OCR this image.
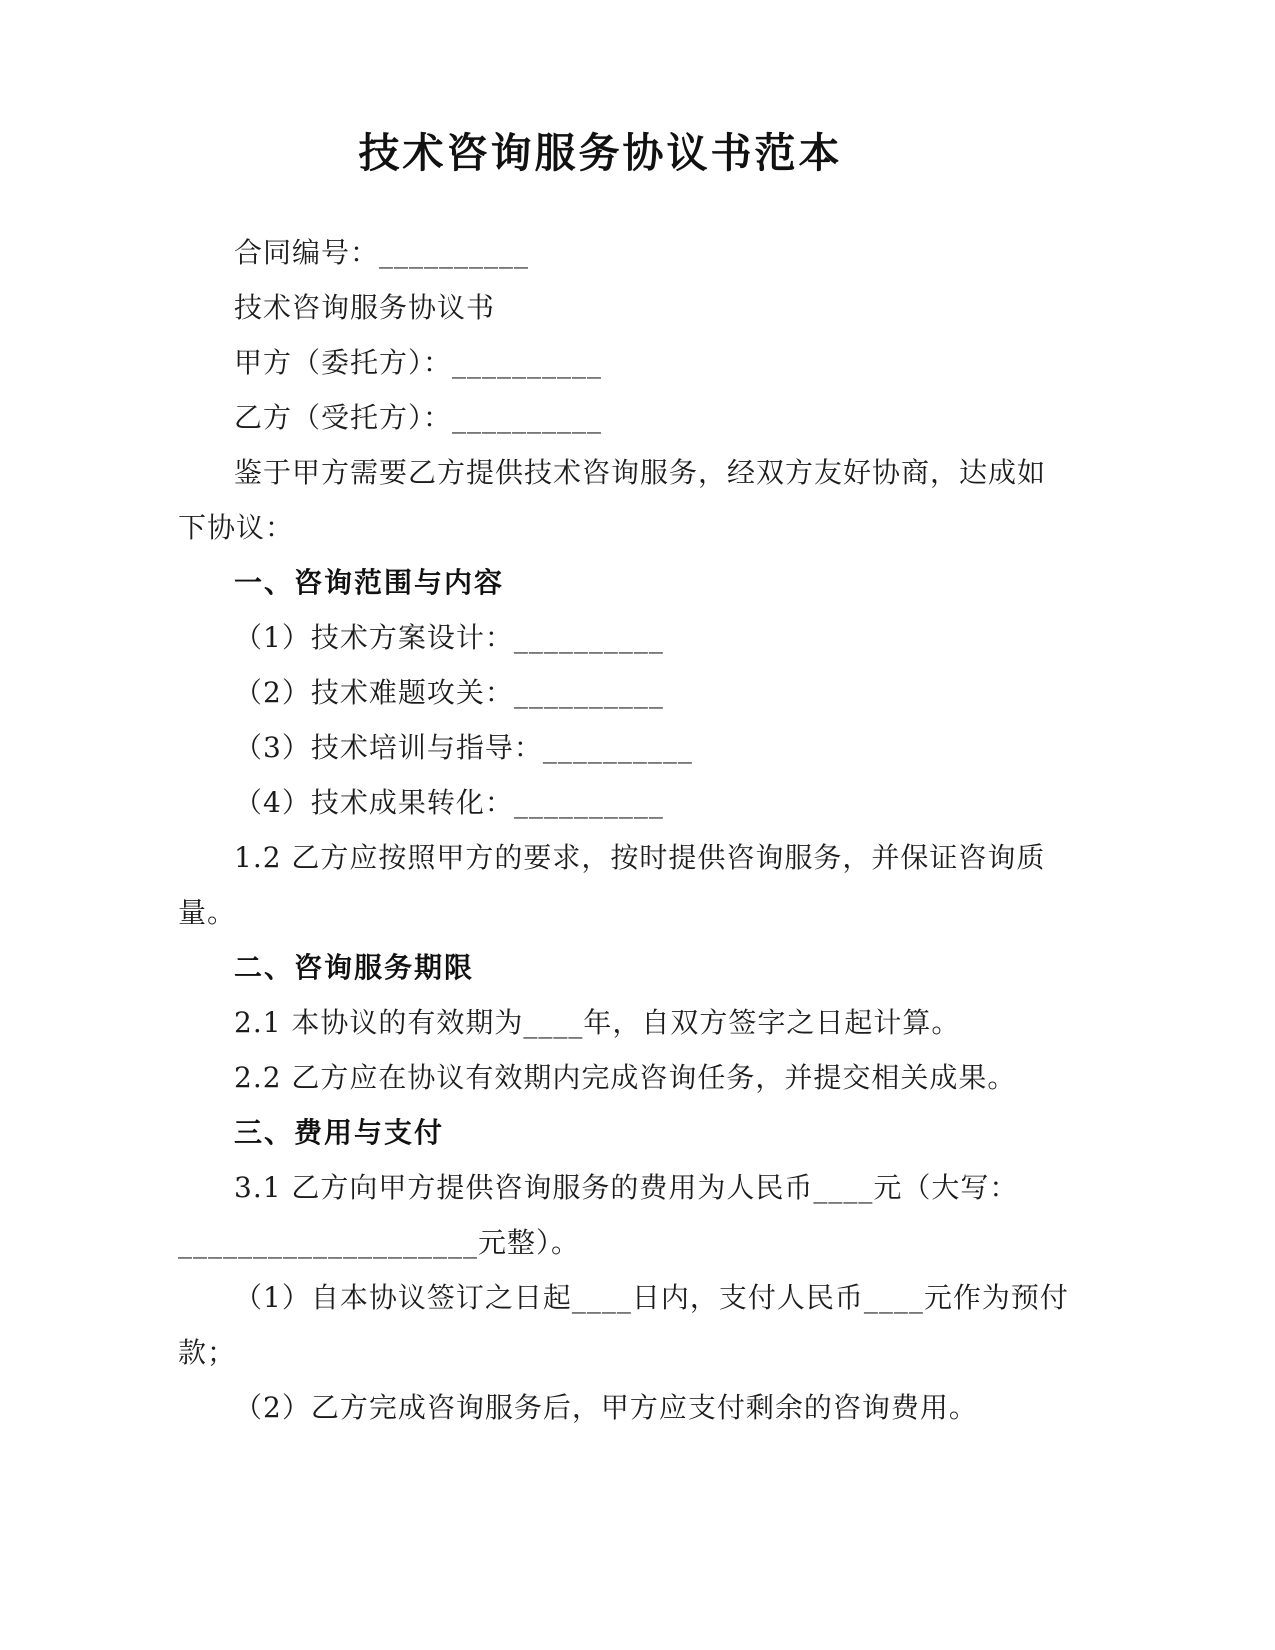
技术咨询服务协议书范本
合同编号：__________
技术咨询服务协议书
甲方（委托方）：__________
乙方（受托方）：__________
鉴于甲方需要乙方提供技术咨询服务，经双方友好协商，达成如
下协议：
一、咨询范围与内容
（1）技术方案设计：__________
（2）技术难题攻关：__________
（3）技术培训与指导：__________
（4）技术成果转化：__________
1.2 乙方应按照甲方的要求，按时提供咨询服务，并保证咨询质
量。
二、咨询服务期限
2.1 本协议的有效期为____年，自双方签字之日起计算。
2.2 乙方应在协议有效期内完成咨询任务，并提交相关成果。
三、费用与支付
3.1 乙方向甲方提供咨询服务的费用为人民币____元（大写：
____________________元整）。
（1）自本协议签订之日起____日内，支付人民币____元作为预付
款；
（2）乙方完成咨询服务后，甲方应支付剩余的咨询费用。
